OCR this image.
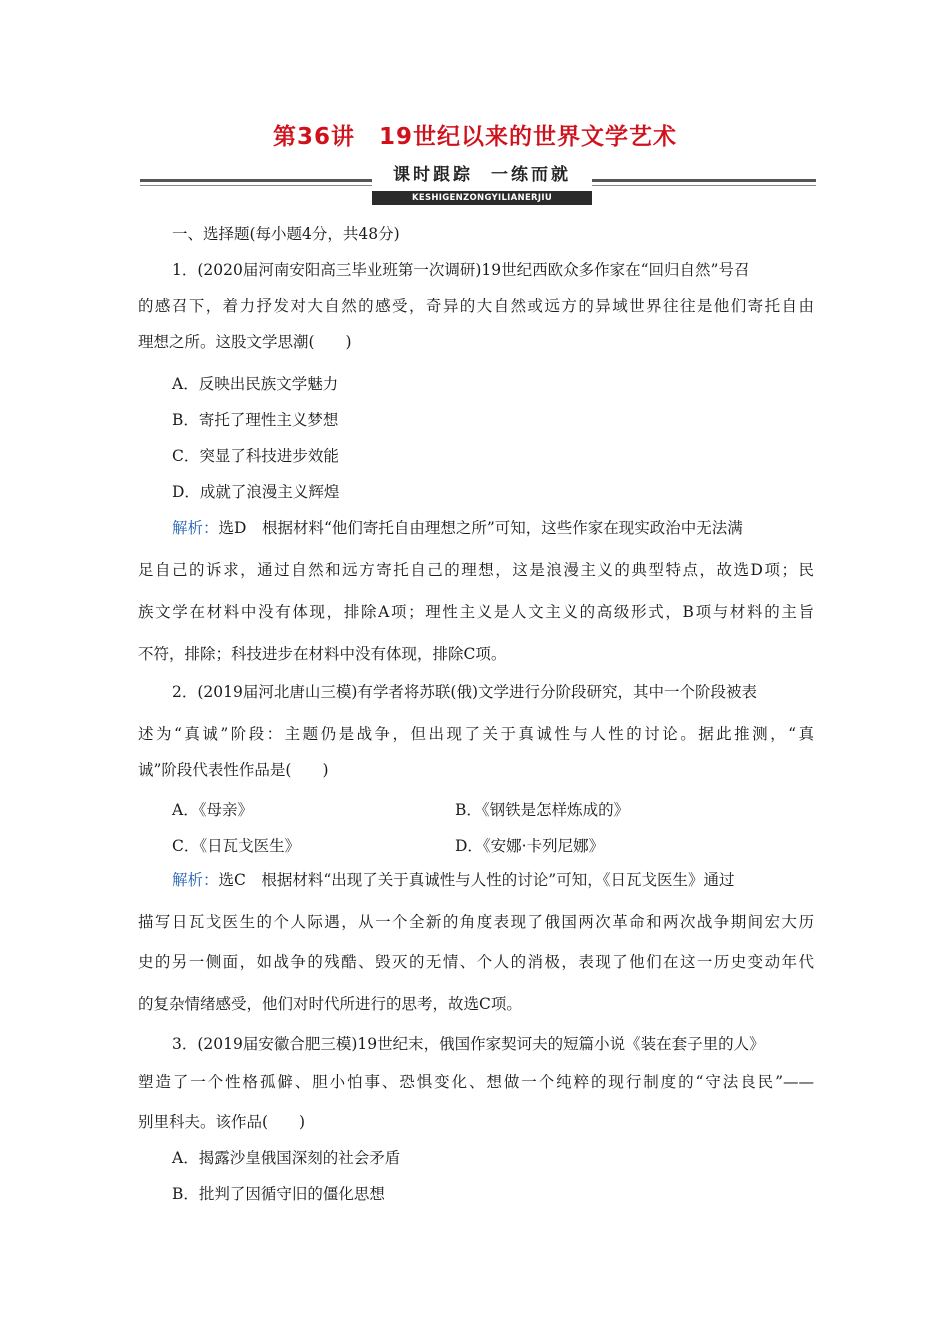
第36讲　19世纪以来的世界文学艺术
课时跟踪 一练而就
KESHIGENZONGYILIANERJIU
一、选择题(每小题4分，共48分)
1．(2020届河南安阳高三毕业班第一次调研)19世纪西欧众多作家在“回归自然”号召
的感召下，着力抒发对大自然的感受，奇异的大自然或远方的异域世界往往是他们寄托自由
理想之所。这股文学思潮(　　)
A．反映出民族文学魅力
B．寄托了理性主义梦想
C．突显了科技进步效能
D．成就了浪漫主义辉煌
解析：选D　根据材料“他们寄托自由理想之所”可知，这些作家在现实政治中无法满
足自己的诉求，通过自然和远方寄托自己的理想，这是浪漫主义的典型特点，故选D项；民
族文学在材料中没有体现，排除A项；理性主义是人文主义的高级形式，B项与材料的主旨
不符，排除；科技进步在材料中没有体现，排除C项。
2．(2019届河北唐山三模)有学者将苏联(俄)文学进行分阶段研究，其中一个阶段被表
述为“真诚”阶段：主题仍是战争，但出现了关于真诚性与人性的讨论。据此推测，“真
诚”阶段代表性作品是(　　)
A．《母亲》	B．《钢铁是怎样炼成的》
C．《日瓦戈医生》	D．《安娜·卡列尼娜》
解析：选C　根据材料“出现了关于真诚性与人性的讨论”可知，《日瓦戈医生》通过
描写日瓦戈医生的个人际遇，从一个全新的角度表现了俄国两次革命和两次战争期间宏大历
史的另一侧面，如战争的残酷、毁灭的无情、个人的消极，表现了他们在这一历史变动年代
的复杂情绪感受，他们对时代所进行的思考，故选C项。
3．(2019届安徽合肥三模)19世纪末，俄国作家契诃夫的短篇小说《装在套子里的人》
塑造了一个性格孤僻、胆小怕事、恐惧变化、想做一个纯粹的现行制度的“守法良民”——
别里科夫。该作品(　　)
A．揭露沙皇俄国深刻的社会矛盾
B．批判了因循守旧的僵化思想
